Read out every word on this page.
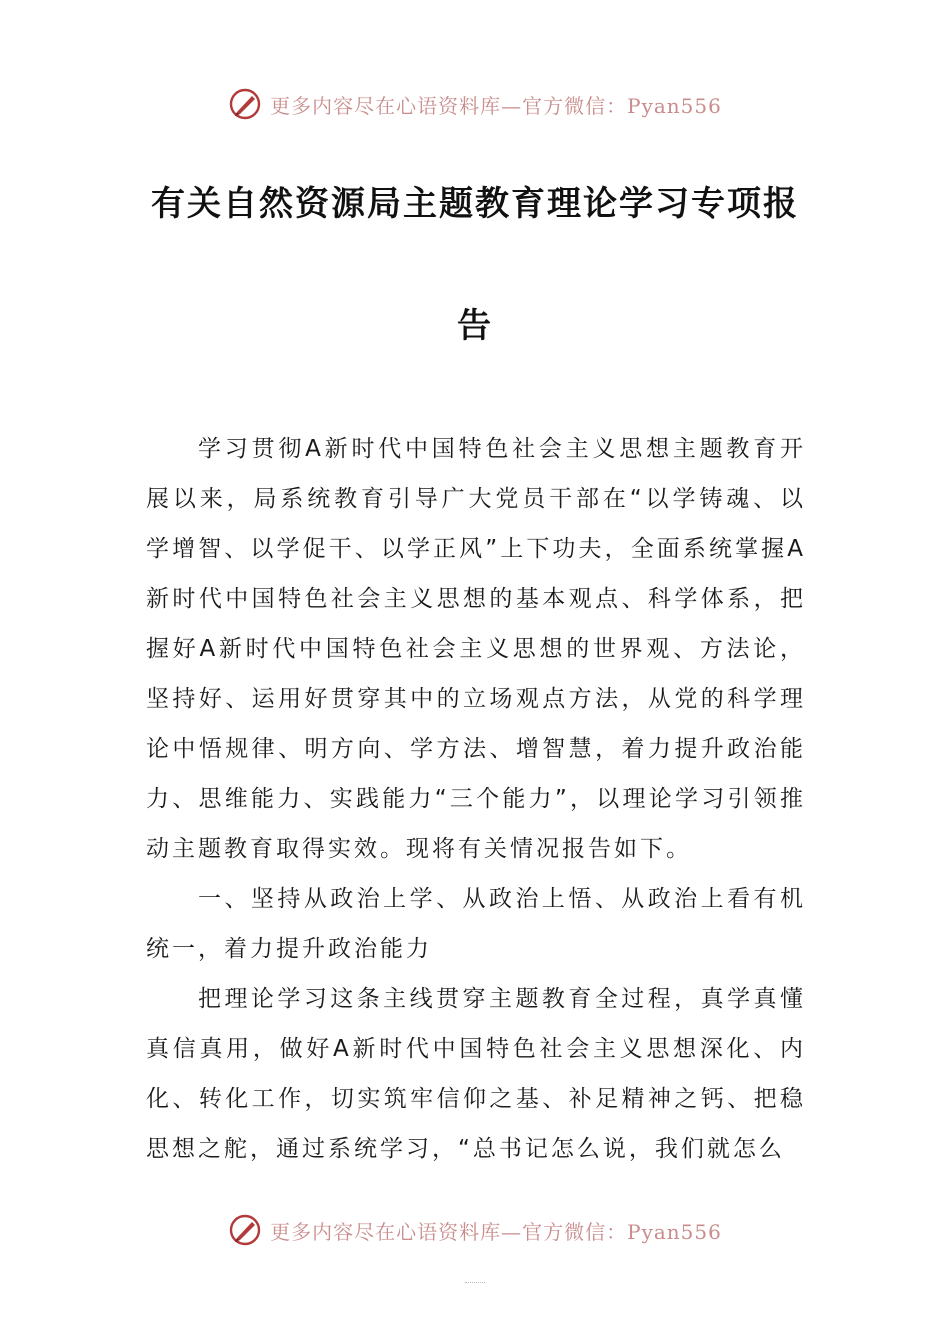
更多内容尽在心语资料库—官方微信：Pyan556
有关自然资源局主题教育理论学习专项报
告

学习贯彻A新时代中国特色社会主义思想主题教育开展以来，局系统教育引导广大党员干部在“以学铸魂、以学增智、以学促干、以学正风”上下功夫，全面系统掌握A新时代中国特色社会主义思想的基本观点、科学体系，把握好A新时代中国特色社会主义思想的世界观、方法论，坚持好、运用好贯穿其中的立场观点方法，从党的科学理论中悟规律、明方向、学方法、增智慧，着力提升政治能力、思维能力、实践能力“三个能力”，以理论学习引领推动主题教育取得实效。现将有关情况报告如下。

一、坚持从政治上学、从政治上悟、从政治上看有机统一，着力提升政治能力

把理论学习这条主线贯穿主题教育全过程，真学真懂真信真用，做好A新时代中国特色社会主义思想深化、内化、转化工作，切实筑牢信仰之基、补足精神之钙、把稳思想之舵，通过系统学习，“总书记怎么说，我们就怎么

更多内容尽在心语资料库—官方微信：Pyan556
